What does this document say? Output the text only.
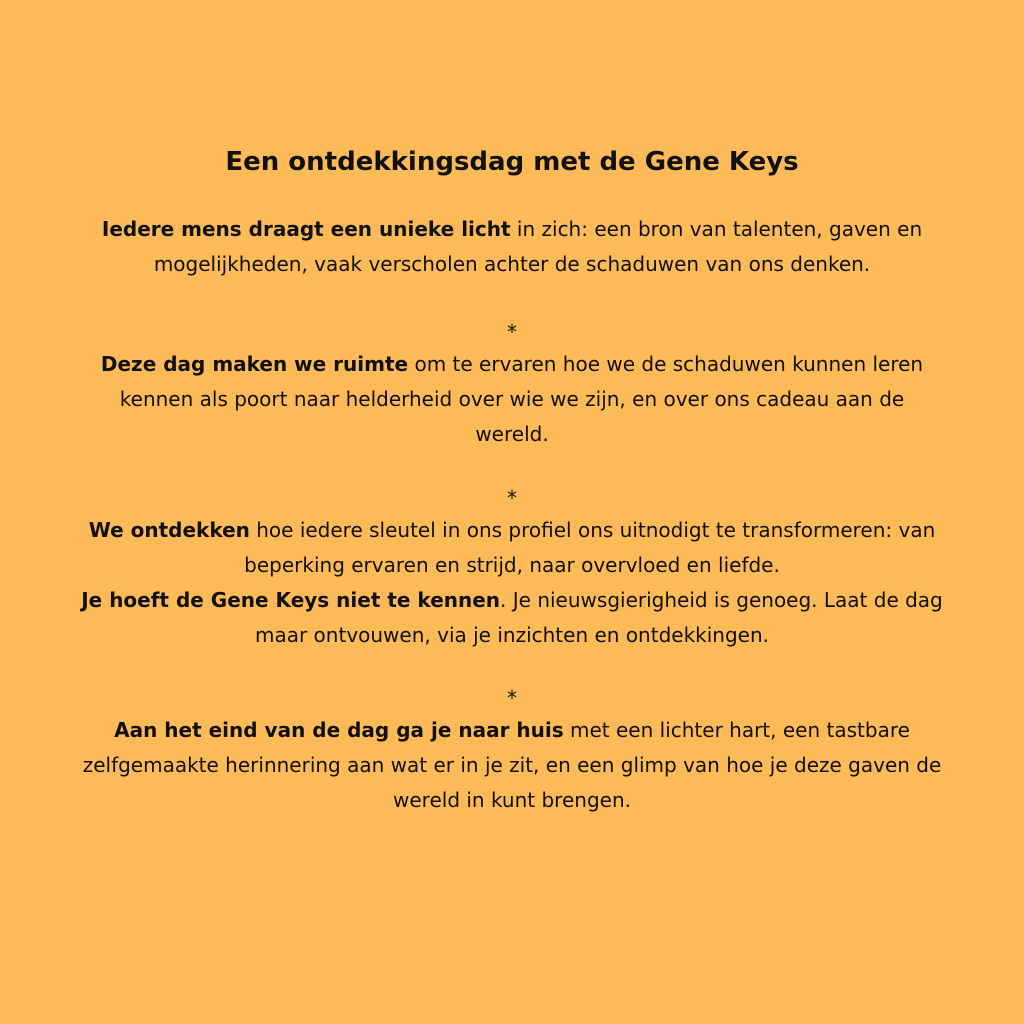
Een ontdekkingsdag met de Gene Keys

Iedere mens draagt een unieke licht in zich: een bron van talenten, gaven en mogelijkheden, vaak verscholen achter de schaduwen van ons denken.

*
Deze dag maken we ruimte om te ervaren hoe we de schaduwen kunnen leren kennen als poort naar helderheid over wie we zijn, en over ons cadeau aan de wereld.
*
We ontdekken hoe iedere sleutel in ons profiel ons uitnodigt te transformeren: van beperking ervaren en strijd, naar overvloed en liefde.
Je hoeft de Gene Keys niet te kennen. Je nieuwsgierigheid is genoeg. Laat de dag maar ontvouwen, via je inzichten en ontdekkingen.
*
Aan het eind van de dag ga je naar huis met een lichter hart, een tastbare zelfgemaakte herinnering aan wat er in je zit, en een glimp van hoe je deze gaven de wereld in kunt brengen.
